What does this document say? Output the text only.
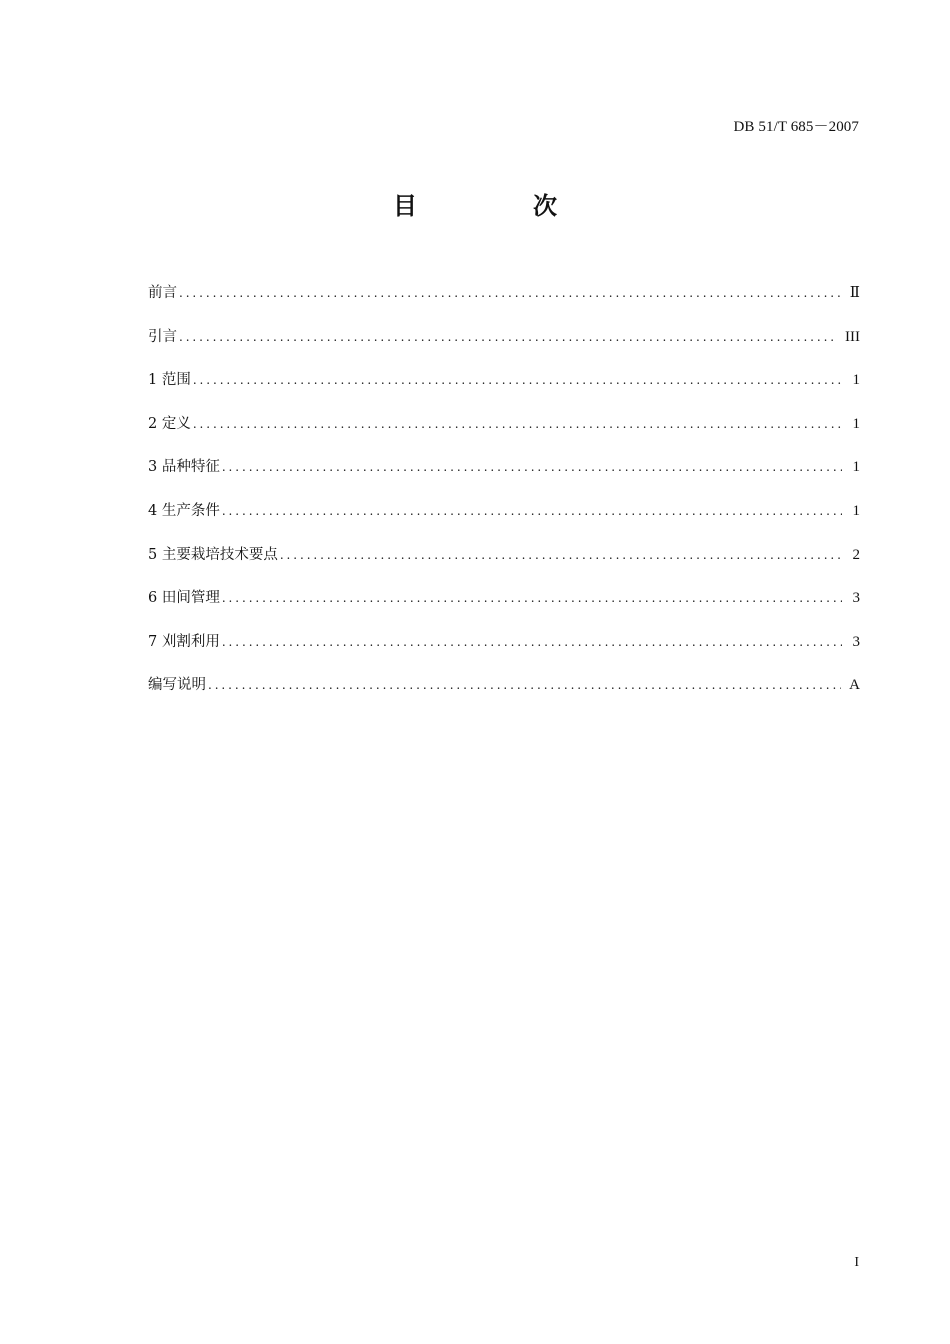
DB 51/T 685－2007
目　次
前言 .....	Ⅱ
引言 .....	III
1 范围 .....	1
2 定义 .....	1
3 品种特征 .....	1
4 生产条件 .....	1
5 主要栽培技术要点 .....	2
6 田间管理 .....	3
7 刈割利用 .....	3
编写说明 .....	A
I
